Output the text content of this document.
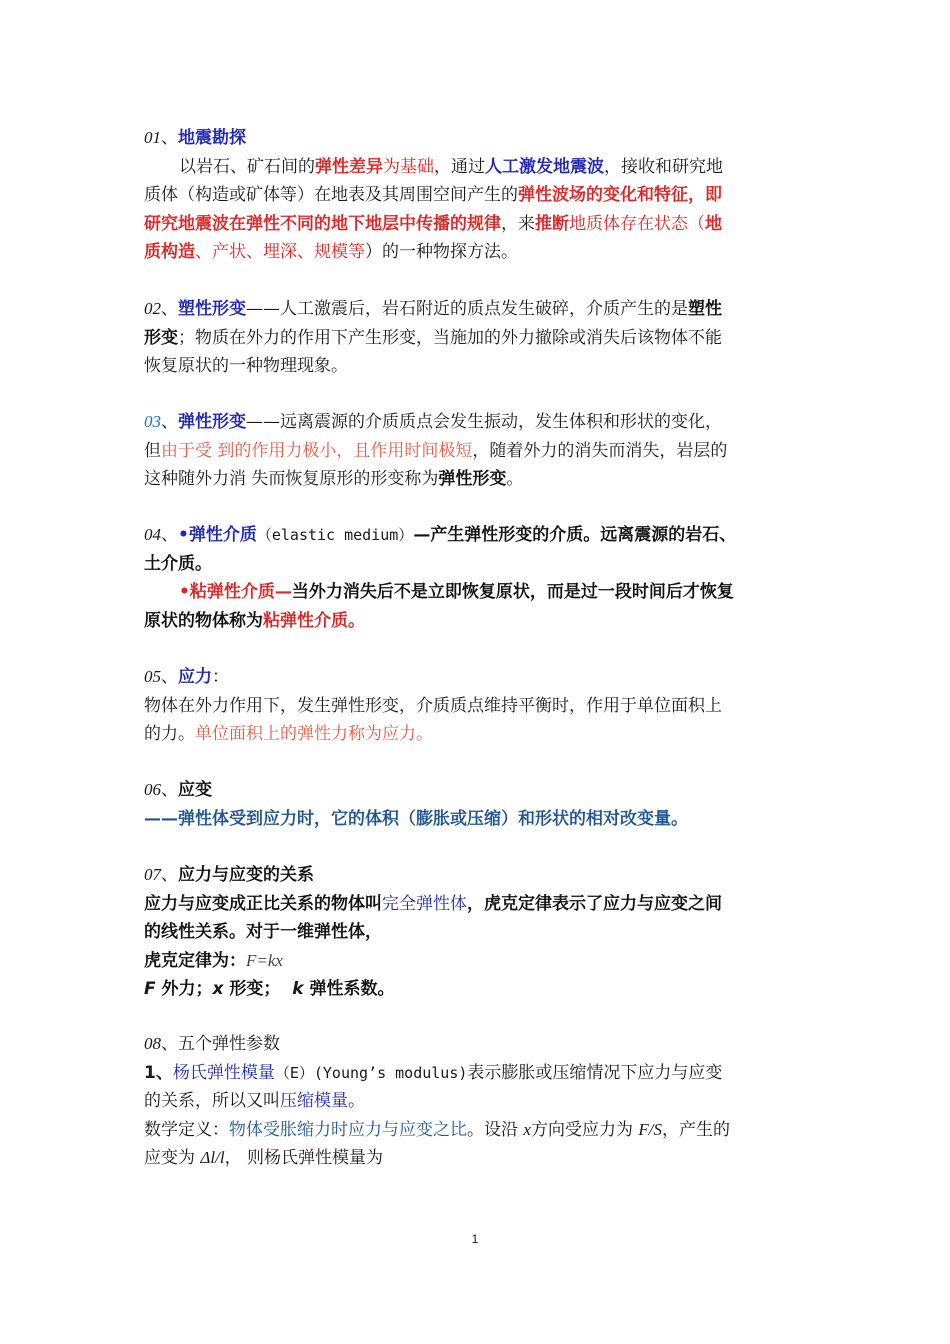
01、地震勘探
以岩石、矿石间的弹性差异为基础，通过人工激发地震波，接收和研究地
质体（构造或矿体等）在地表及其周围空间产生的弹性波场的变化和特征，即
研究地震波在弹性不同的地下地层中传播的规律，来推断地质体存在状态（地
质构造、产状、埋深、规模等）的一种物探方法。
02、塑性形变——人工激震后，岩石附近的质点发生破碎，介质产生的是塑性
形变；物质在外力的作用下产生形变，当施加的外力撤除或消失后该物体不能
恢复原状的一种物理现象。
03、弹性形变——远离震源的介质质点会发生振动，发生体积和形状的变化，
但由于受 到的作用力极小，且作用时间极短，随着外力的消失而消失，岩层的
这种随外力消 失而恢复原形的形变称为弹性形变。
04、•弹性介质（elastic medium）—产生弹性形变的介质。远离震源的岩石、
土介质。
•粘弹性介质—当外力消失后不是立即恢复原状，而是过一段时间后才恢复
原状的物体称为粘弹性介质。
05、应力：
物体在外力作用下，发生弹性形变，介质质点维持平衡时，作用于单位面积上
的力。单位面积上的弹性力称为应力。
06、应变
——弹性体受到应力时，它的体积（膨胀或压缩）和形状的相对改变量。
07、应力与应变的关系
应力与应变成正比关系的物体叫完全弹性体，虎克定律表示了应力与应变之间
的线性关系。对于一维弹性体，
虎克定律为：F=kx
F 外力；x 形变；  k 弹性系数。
08、五个弹性参数
1、杨氏弹性模量（E）(Young’s modulus)表示膨胀或压缩情况下应力与应变
的关系，所以又叫压缩模量。
数学定义：物体受胀缩力时应力与应变之比。设沿 x方向受应力为 F/S，产生的
应变为 Δl/l， 则杨氏弹性模量为
1
